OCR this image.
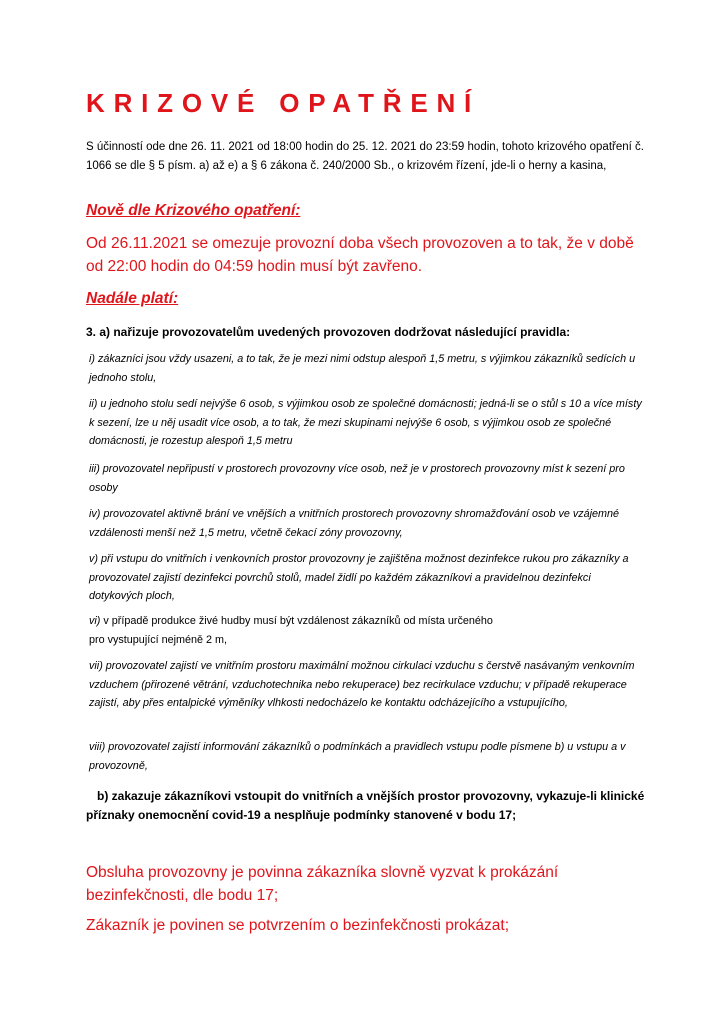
KRIZOVÉ OPATŘENÍ

S účinností ode dne 26. 11. 2021 od 18:00 hodin do 25. 12. 2021 do 23:59 hodin, tohoto krizového opatření č. 1066 se dle § 5 písm. a) až e) a § 6 zákona č. 240/2000 Sb., o krizovém řízení, jde-li o herny a kasina,

Nově dle Krizového opatření:

Od 26.11.2021 se omezuje provozní doba všech provozoven a to tak, že v době od 22:00 hodin do 04:59 hodin musí být zavřeno.

Nadále platí:

3. a) nařizuje provozovatelům uvedených provozoven dodržovat následující pravidla:

i) zákazníci jsou vždy usazeni, a to tak, že je mezi nimi odstup alespoň 1,5 metru, s výjimkou zákazníků sedících u jednoho stolu,

ii) u jednoho stolu sedí nejvýše 6 osob, s výjimkou osob ze společné domácnosti; jedná-li se o stůl s 10 a více místy k sezení, lze u něj usadit více osob, a to tak, že mezi skupinami nejvýše 6 osob, s výjimkou osob ze společné domácnosti, je rozestup alespoň 1,5 metru

iii) provozovatel nepřipustí v prostorech provozovny více osob, než je v prostorech provozovny míst k sezení pro osoby

iv) provozovatel aktivně brání ve vnějších a vnitřních prostorech provozovny shromažďování osob ve vzájemné vzdálenosti menší než 1,5 metru, včetně čekací zóny provozovny,

v) při vstupu do vnitřních i venkovních prostor provozovny je zajištěna možnost dezinfekce rukou pro zákazníky a provozovatel zajistí dezinfekci povrchů stolů, madel židlí po každém zákazníkovi a pravidelnou dezinfekci dotykových ploch,

vi) v případě produkce živé hudby musí být vzdálenost zákazníků od místa určeného
pro vystupující nejméně 2 m,

vii) provozovatel zajistí ve vnitřním prostoru maximální možnou cirkulaci vzduchu s čerstvě nasávaným venkovním vzduchem (přirozené větrání, vzduchotechnika nebo rekuperace) bez recirkulace vzduchu; v případě rekuperace zajistí, aby přes entalpické výměníky vlhkosti nedocházelo ke kontaktu odcházejícího a vstupujícího,

viii) provozovatel zajistí informování zákazníků o podmínkách a pravidlech vstupu podle písmene b) u vstupu a v provozovně,

b) zakazuje zákazníkovi vstoupit do vnitřních a vnějších prostor provozovny, vykazuje-li klinické příznaky onemocnění covid-19 a nesplňuje podmínky stanovené v bodu 17;

Obsluha provozovny je povinna zákazníka slovně vyzvat k prokázání bezinfekčnosti, dle bodu 17;

Zákazník je povinen se potvrzením o bezinfekčnosti prokázat;
